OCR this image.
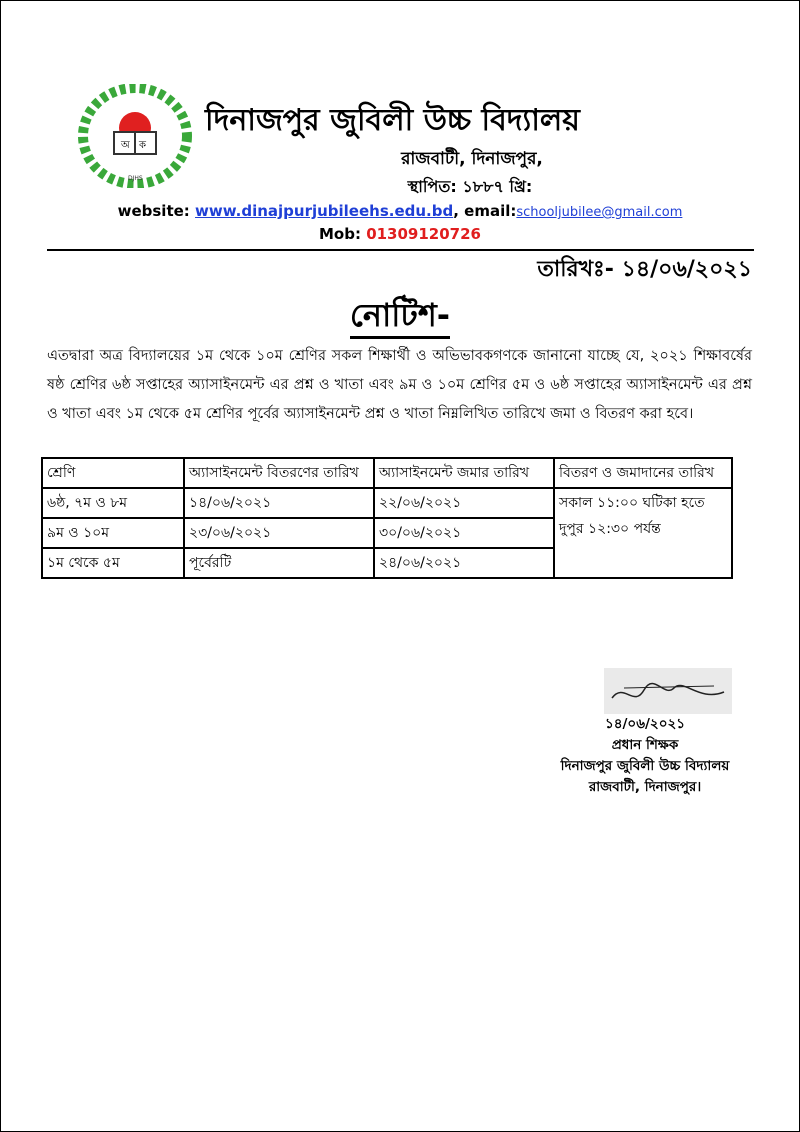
অ ক
DJHS
দিনাজপুর জুবিলী উচ্চ বিদ্যালয়
রাজবাটী, দিনাজপুর,
স্থাপিত: ১৮৮৭ খ্রি:
website: www.dinajpurjubileehs.edu.bd, email:schooljubilee@gmail.com
Mob: 01309120726
তারিখঃ- ১৪/০৬/২০২১
নোটিশ-
এতদ্বারা অত্র বিদ্যালয়ের ১ম থেকে ১০ম শ্রেণির সকল শিক্ষার্থী ও অভিভাবকগণকে জানানো যাচ্ছে যে, ২০২১ শিক্ষাবর্ষের ষষ্ঠ শ্রেণির ৬ষ্ঠ সপ্তাহের অ্যাসাইনমেন্ট এর প্রশ্ন ও খাতা এবং ৯ম ও ১০ম শ্রেণির ৫ম ও ৬ষ্ঠ সপ্তাহের অ্যাসাইনমেন্ট এর প্রশ্ন ও খাতা এবং ১ম থেকে ৫ম শ্রেণির পূর্বের অ্যাসাইনমেন্ট প্রশ্ন ও খাতা নিম্নলিখিত তারিখে জমা ও বিতরণ করা হবে।
শ্রেণি	অ্যাসাইনমেন্ট বিতরণের তারিখ	অ্যাসাইনমেন্ট জমার তারিখ	বিতরণ ও জমাদানের তারিখ
৬ষ্ঠ, ৭ম ও ৮ম	১৪/০৬/২০২১	২২/০৬/২০২১	সকাল ১১:০০ ঘটিকা হতে দুপুর ১২:৩০ পর্যন্ত
৯ম ও ১০ম	২৩/০৬/২০২১	৩০/০৬/২০২১	
১ম থেকে ৫ম	পূর্বেরটি	২৪/০৬/২০২১	
১৪/০৬/২০২১
প্রধান শিক্ষক
দিনাজপুর জুবিলী উচ্চ বিদ্যালয়
রাজবাটী, দিনাজপুর।
